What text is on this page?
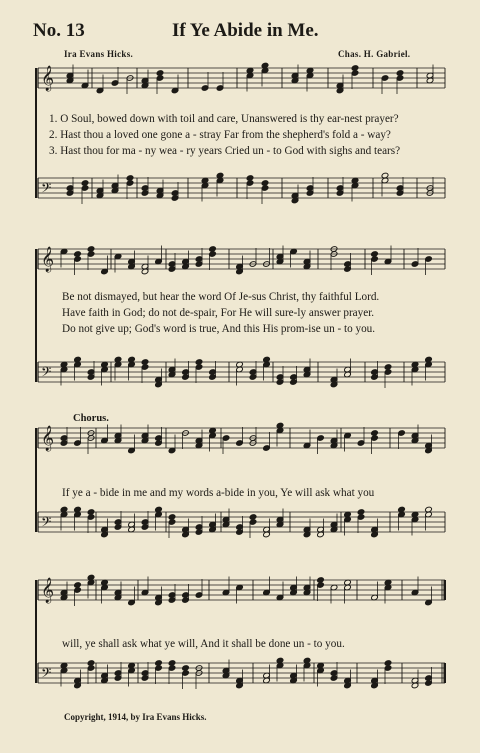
No. 13	If Ye Abide in Me.
Ira Evans Hicks.	Chas. H. Gabriel.
𝄞
𝄢
𝄞
𝄢
𝄞
𝄢
𝄞
𝄢
1. O Soul, bowed down with toil and care, Unanswered is thy ear-nest prayer?
2. Hast thou a loved one gone a - stray Far from the shepherd's fold a - way?
3. Hast thou for ma - ny wea - ry years Cried un - to God with sighs and tears?
Be not dismayed, but hear the word Of Je-sus Christ, thy faithful Lord.
Have faith in God; do not de-spair, For He will sure-ly answer prayer.
Do not give up; God's word is true, And this His prom-ise un - to you.
Chorus.
If ye a - bide in me and my words a-bide in you, Ye will ask what you
will, ye shall ask what ye will, And it shall be done un - to you.
Copyright, 1914, by Ira Evans Hicks.
